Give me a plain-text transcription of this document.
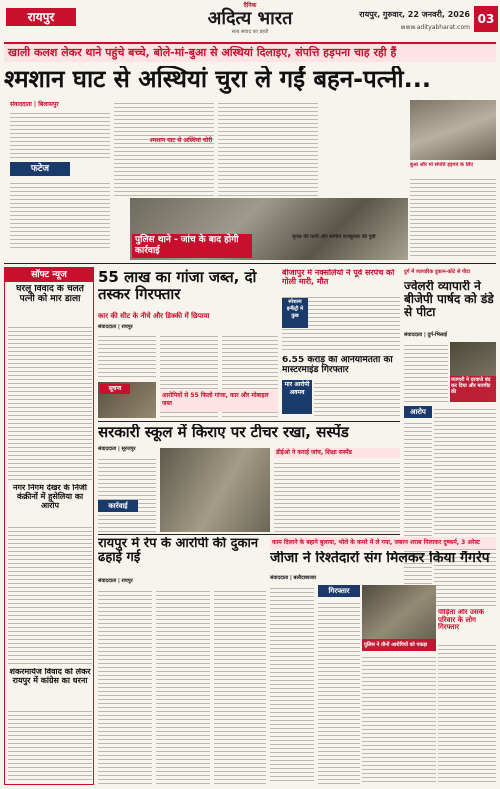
रायपुर
दैनिक
अदित्य भारत
सत्य संवाद का प्रहरी
रायपुर, गुरुवार, 22 जनवरी, 2026
www.adityabharat.com
03
खाली कलश लेकर थाने पहुंचे बच्चे, बोले-मां-बुआ से अस्थियां दिलाइए, संपत्ति हड़पना चाह रही हैं
श्मशान घाट से अस्थियां चुरा ले गईं बहन-पत्नी...
संवाददाता | बिलासपुर
फटेज
श्मशान घाट से अस्थियां चोरी
पुलिस थाने - जांच के बाद होगी कार्रवाई
मृतक की पत्नी और स्वर्गीय राजकुमार की पुत्री
बुआ और मां संपत्ति हड़पने के लिए
सॉफ्ट न्यूज
घरेलू विवाद के चलते पत्नी को मार डाला
नगर निगम देखर के निजी कंक्रीनों में हुसेलिया का आरोप
शंकरमार्यज विवाद को लेकर रायपुर में कांग्रेस का धरना
55 लाख का गांजा जब्त, दो तस्कर गिरफ्तार
कार की सीट के नीचे और डिक्की में छिपाया
संवाददाता | रायपुर
सूचना
आरोपियों से 55 किलो गांजा, कार और मोबाइल जब्त
बीजापुर में नक्सलियों ने पूर्व सरपंच को गोली मारी, मौत
स्पेशल्य इन्फैंट्री मे कुछ
6.55 करोड़ की अनियमितता का मास्टरमाइंड गिरफ्तार
मार आरोपी अवमव
दुर्ग में व्यापारिक दुकान-कोटे से पीटा
ज्वेलरी व्यापारी ने बीजेपी पार्षद को डंडे से पीटा
संवाददाता | दुर्ग-भिलाई
व्यापारी ने दरवाजे बंद कर दिया और मारपीट की
आरोप
सरकारी स्कूल में किराए पर टीचर रखा, सस्पेंड
संवाददाता | सूरजपुर
कार्रवाई
डीईओ ने कराई जांच, शिक्षा सस्पेंड
रायपुर में रेप के आरोपी की दुकान ढहाई गई
संवाददाता | रायपुर
काम दिलाने के बहाने बुलाया, भोले के कमरे में ले गया, जबरन शराब पिलाकर दुष्कर्म, 3 अरेस्ट
जीजा ने रिश्तेदारों संग मिलकर किया गैंगरेप
संवाददाता | बलौदाबाजार
गिरफ्तार
पुलिस ने तीनों आरोपियों को पकड़ा
पीड़िता और उसके परिवार के लोग गिरफ्तार
